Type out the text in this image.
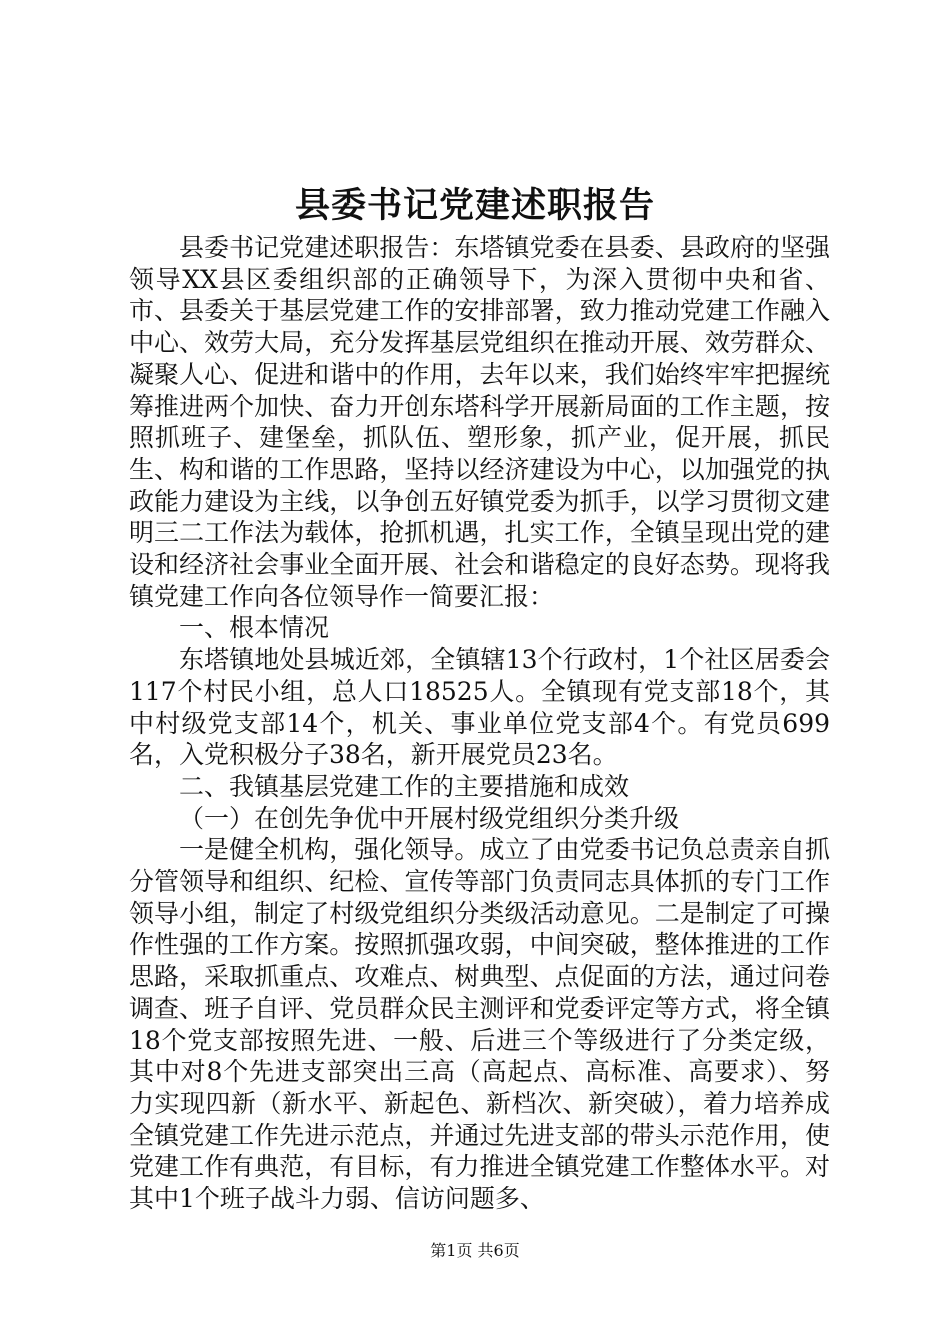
县委书记党建述职报告

县委书记党建述职报告：东塔镇党委在县委、县政府的坚强领导XX县区委组织部的正确领导下，为深入贯彻中央和省、市、县委关于基层党建工作的安排部署，致力推动党建工作融入中心、效劳大局，充分发挥基层党组织在推动开展、效劳群众、凝聚人心、促进和谐中的作用，去年以来，我们始终牢牢把握统筹推进两个加快、奋力开创东塔科学开展新局面的工作主题，按照抓班子、建堡垒，抓队伍、塑形象，抓产业，促开展，抓民生、构和谐的工作思路，坚持以经济建设为中心，以加强党的执政能力建设为主线，以争创五好镇党委为抓手，以学习贯彻文建明三二工作法为载体，抢抓机遇，扎实工作，全镇呈现出党的建设和经济社会事业全面开展、社会和谐稳定的良好态势。现将我镇党建工作向各位领导作一简要汇报：

一、根本情况

东塔镇地处县城近郊，全镇辖13个行政村，1个社区居委会117个村民小组，总人口18525人。全镇现有党支部18个，其中村级党支部14个，机关、事业单位党支部4个。有党员699名，入党积极分子38名，新开展党员23名。

二、我镇基层党建工作的主要措施和成效

（一）在创先争优中开展村级党组织分类升级

一是健全机构，强化领导。成立了由党委书记负总责亲自抓分管领导和组织、纪检、宣传等部门负责同志具体抓的专门工作领导小组，制定了村级党组织分类级活动意见。二是制定了可操作性强的工作方案。按照抓强攻弱，中间突破，整体推进的工作思路，采取抓重点、攻难点、树典型、点促面的方法，通过问卷调查、班子自评、党员群众民主测评和党委评定等方式，将全镇18个党支部按照先进、一般、后进三个等级进行了分类定级，其中对8个先进支部突出三高（高起点、高标准、高要求）、努力实现四新（新水平、新起色、新档次、新突破），着力培养成全镇党建工作先进示范点，并通过先进支部的带头示范作用，使党建工作有典范，有目标，有力推进全镇党建工作整体水平。对其中1个班子战斗力弱、信访问题多、

第1页 共6页
